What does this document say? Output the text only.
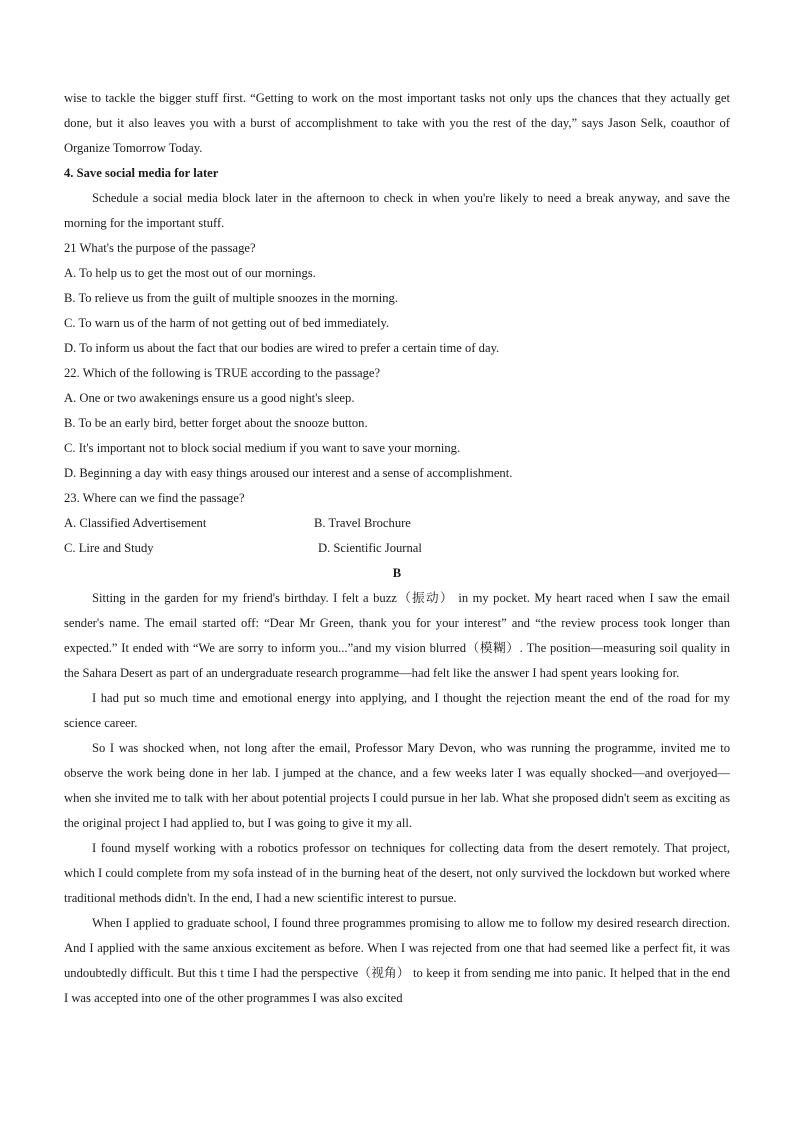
wise to tackle the bigger stuff first. “Getting to work on the most important tasks not only ups the chances that they actually get done, but it also leaves you with a burst of accomplishment to take with you the rest of the day,” says Jason Selk, coauthor of Organize Tomorrow Today.

4. Save social media for later

Schedule a social media block later in the afternoon to check in when you're likely to need a break anyway, and save the morning for the important stuff.

21 What's the purpose of the passage?

A. To help us to get the most out of our mornings.

B. To relieve us from the guilt of multiple snoozes in the morning.

C. To warn us of the harm of not getting out of bed immediately.

D. To inform us about the fact that our bodies are wired to prefer a certain time of day.

22. Which of the following is TRUE according to the passage?

A. One or two awakenings ensure us a good night's sleep.

B. To be an early bird, better forget about the snooze button.

C. It's important not to block social medium if you want to save your morning.

D. Beginning a day with easy things aroused our interest and a sense of accomplishment.

23. Where can we find the passage?

A. Classified Advertisement	B. Travel Brochure
C. Lire and Study	D. Scientific Journal

B

Sitting in the garden for my friend's birthday. I felt a buzz（振动） in my pocket. My heart raced when I saw the email sender's name. The email started off: “Dear Mr Green, thank you for your interest” and “the review process took longer than expected.” It ended with “We are sorry to inform you...”and my vision blurred（模糊）. The position—measuring soil quality in the Sahara Desert as part of an undergraduate research programme—had felt like the answer I had spent years looking for.

I had put so much time and emotional energy into applying, and I thought the rejection meant the end of the road for my science career.

So I was shocked when, not long after the email, Professor Mary Devon, who was running the programme, invited me to observe the work being done in her lab. I jumped at the chance, and a few weeks later I was equally shocked—and overjoyed—when she invited me to talk with her about potential projects I could pursue in her lab. What she proposed didn't seem as exciting as the original project I had applied to, but I was going to give it my all.

I found myself working with a robotics professor on techniques for collecting data from the desert remotely. That project, which I could complete from my sofa instead of in the burning heat of the desert, not only survived the lockdown but worked where traditional methods didn't. In the end, I had a new scientific interest to pursue.

When I applied to graduate school, I found three programmes promising to allow me to follow my desired research direction. And I applied with the same anxious excitement as before. When I was rejected from one that had seemed like a perfect fit, it was undoubtedly difficult. But this t time I had the perspective（视角） to keep it from sending me into panic. It helped that in the end I was accepted into one of the other programmes I was also excited
